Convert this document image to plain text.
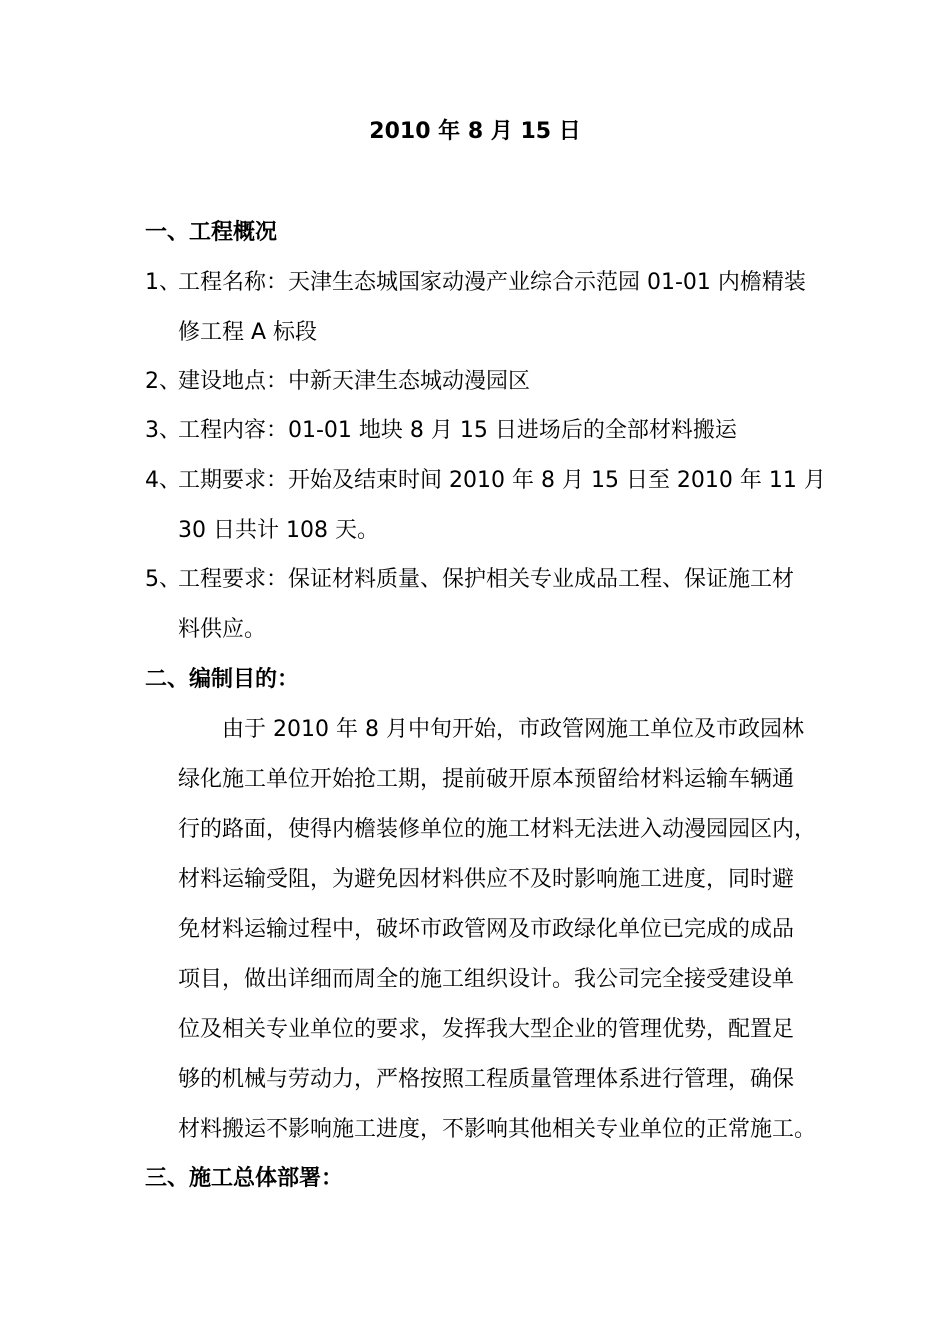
2010 年 8 月 15 日
一、工程概况
1、
工程名称：天津生态城国家动漫产业综合示范园 01-01 内檐精装
修工程 A 标段
2、
建设地点：中新天津生态城动漫园区
3、
工程内容：01-01 地块 8 月 15 日进场后的全部材料搬运
4、
工期要求：开始及结束时间 2010 年 8 月 15 日至 2010 年 11 月
30 日共计 108 天。
5、
工程要求：保证材料质量、保护相关专业成品工程、保证施工材
料供应。
二、编制目的：
由于 2010 年 8 月中旬开始，市政管网施工单位及市政园林
绿化施工单位开始抢工期，提前破开原本预留给材料运输车辆通
行的路面，使得内檐装修单位的施工材料无法进入动漫园园区内，
材料运输受阻，为避免因材料供应不及时影响施工进度，同时避
免材料运输过程中，破坏市政管网及市政绿化单位已完成的成品
项目，做出详细而周全的施工组织设计。我公司完全接受建设单
位及相关专业单位的要求，发挥我大型企业的管理优势，配置足
够的机械与劳动力，严格按照工程质量管理体系进行管理，确保
材料搬运不影响施工进度，不影响其他相关专业单位的正常施工。
三、施工总体部署：
